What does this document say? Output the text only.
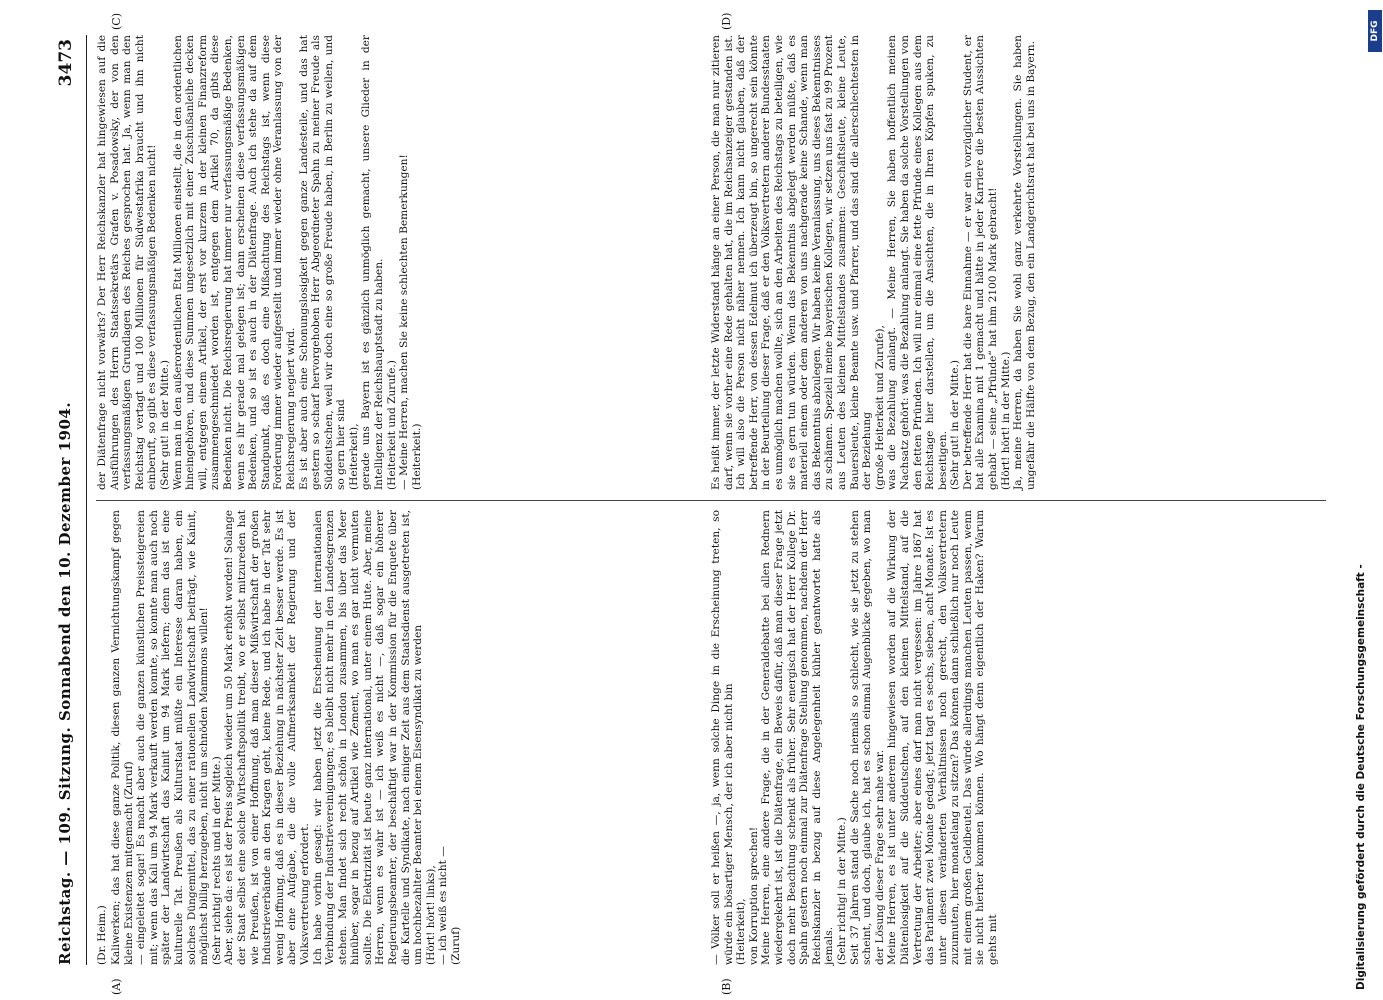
Reichstag. — 109. Sitzung. Sonnabend den 10. Dezember 1904.
3473
(Dr. Heim.) Kaliwerken; das hat diese ganze Politik, diesen ganzen Vernichtungskampf gegen kleine Existenzen mitgemacht (Zuruf)
— eingeleitet sogar! Es macht aber auch die ganzen künstlichen Preissteigereien mit; wenn das Kali um 94 Mark verkauft werden konnte, so konnte man auch noch später der Landwirtschaft das Kainit um 94 Mark liefern; denn das ist eine kulturelle Tat. Preußen als Kulturstaat müßte ein Interesse daran haben, ein solches Düngemittel, das zu einer rationellen Landwirtschaft beiträgt, wie Kainit, möglichst billig herzugeben, nicht um schnöden Mammons willen!
(Sehr richtig! rechts und in der Mitte.)
Aber, siehe da: es ist der Preis sogleich wieder um 50 Mark erhöht worden! Solange der Staat selbst eine solche Wirtschaftspolitik treibt, wo er selbst mitzureden hat wie Preußen, ist von einer Hoffnung, daß man dieser Mißwirtschaft der großen Industrieverbände an den Kragen geht, keine Rede, und ich habe in der Tat sehr wenig Hoffnung, daß es in dieser Beziehung in nächster Zeit besser werde. Es ist aber eine Aufgabe, die die volle Aufmerksamkeit der Regierung und der Volksvertretung erfordert.
Ich habe vorhin gesagt: wir haben jetzt die Erscheinung der internationalen Verbindung der Industrievereinigungen; es bleibt nicht mehr in den Landesgrenzen stehen. Man findet sich recht schön in London zusammen, bis über das Meer hinüber, sogar in bezug auf Artikel wie Zement, wo man es gar nicht vermuten sollte. Die Elektrizität ist heute ganz international, unter einem Hute. Aber, meine Herren, wenn es wahr ist — ich weiß es nicht —, daß sogar ein höherer Regierungsbeamter, der beschäftigt war in der Kommission für die Enquete über die Kartelle und Syndikate, nach einiger Zeit aus dem Staatsdienst ausgetreten ist, um hochbezahlter Beamter bei einem Eisensyndikat zu werden
(Hört! hört! links),
— ich weiß es nicht —
(Zuruf)

(A)

der Diätenfrage nicht vorwärts? Der Herr Reichskanzler hat hingewiesen auf die Ausführungen des Herrn Staatssekretärs Grafen v. Posadowsky, der von den verfassungsmäßigen Grundlagen des Reiches gesprochen hat. Ja, wenn man den Reichstag vertagt und 100 Millionen für Südwestafrika braucht und ihn nicht einberuft, so gibt es diese verfassungsmäßigen Bedenken nicht!
(Sehr gut! in der Mitte.)
Wenn man in den außerordentlichen Etat Millionen einstellt, die in den ordentlichen hineingehören, und diese Summen ungesetzlich mit einer Zuschußanleihe decken will, entgegen einem Artikel, der erst vor kurzem in der kleinen Finanzreform zusammengeschmiedet worden ist, entgegen dem Artikel 70, da gibts diese Bedenken nicht. Die Reichsregierung hat immer nur verfassungsmäßige Bedenken, wenn es ihr gerade mal gelegen ist; dann erscheinen diese verfassungsmäßigen Bedenken, und so ist es auch in der Diätenfrage. Auch ich stehe da auf dem Standpunkt, daß es doch eine Mißachtung des Reichstags ist, wenn diese Forderung immer wieder aufgestellt und immer wieder ohne Veranlassung von der Reichsregierung negiert wird.
Es ist aber auch eine Schonungslosigkeit gegen ganze Landesteile, und das hat gestern so scharf hervorgehoben Herr Abgeordneter Spahn zu meiner Freude als Süddeutschen, weil wir doch eine so große Freude haben, in Berlin zu weilen, und so gern hier sind
(Heiterkeit),
gerade uns Bayern ist es gänzlich unmöglich gemacht, unsere Glieder in der Intelligenz der Reichshauptstadt zu haben.
(Heiterkeit und Zurufe.)
— Meine Herren, machen Sie keine schlechten Bemerkungen!
(Heiterkeit.)

(C)

— Völker soll er heißen —, ja, wenn solche Dinge in die Erscheinung treten, so würde ein bösartiger Mensch, der ich aber nicht bin
(Heiterkeit),
von Korruption sprechen!
Meine Herren, eine andere Frage, die in der Generaldebatte bei allen Rednern wiedergekehrt ist, ist die Diätenfrage, ein Beweis dafür, daß man dieser Frage jetzt doch mehr Beachtung schenkt als früher. Sehr energisch hat der Herr Kollege Dr. Spahn gestern noch einmal zur Diätenfrage Stellung genommen, nachdem der Herr Reichskanzler in bezug auf diese Angelegenheit kühler geantwortet hatte als jemals.
(Sehr richtig! in der Mitte.)
Seit 37 Jahren stand die Sache noch niemals so schlecht, wie sie jetzt zu stehen scheint, und doch, glaube ich, hat es schon einmal Augenblicke gegeben, wo man der Lösung dieser Frage sehr nahe war.
Meine Herren, es ist unter anderem hingewiesen worden auf die Wirkung der Diätenlosigkeit auf die Süddeutschen, auf den kleinen Mittelstand, auf die Vertretung der Arbeiter; aber eines darf man nicht vergessen: im Jahre 1867 hat das Parlament zwei Monate gedagt; jetzt tagt es sechs, sieben, acht Monate. Ist es unter diesen veränderten Verhältnissen noch gerecht, den Volksvertretern zuzumuten, hier monatelang zu sitzen? Das können dann schließlich nur noch Leute mit einem großen Geldbeutel. Das würde allerdings manchen Leuten passen, wenn sie nicht hierher kommen können. Wo hängt denn eigentlich der Haken? Warum gehts mit

(B)

Es heißt immer, der letzte Widerstand hänge an einer Person, die man nur zitieren darf, wenn sie vorher eine Rede gehalten hat, die im Reichsanzeiger gestanden ist. Ich will also die Person nicht näher nennen. Ich kann nicht glauben, daß der betreffende Herr, von dessen Edelmut ich überzeugt bin, so ungerecht sein könnte in der Beurteilung dieser Frage, daß er den Volksvertretern anderer Bundesstaaten es unmöglich machen wollte, sich an den Arbeiten des Reichstags zu beteiligen, wie sie es gern tun würden. Wenn das Bekenntnis abgelegt werden müßte, daß es materiell einem oder dem anderen von uns nachgerade keine Schande, wenn man das Bekenntnis abzulegen. Wir haben keine Veranlassung, uns dieses Bekenntnisses zu schämen. Speziell meine bayerischen Kollegen, wir setzen uns fast zu 99 Prozent aus Leuten des kleinen Mittelstandes zusammen: Geschäftsleute, kleine Leute, Bauersleute, kleine Beamte usw. und Pfarrer, und das sind die allerschlechtesten in der Beziehung
(große Heiterkeit und Zurufe),
was die Bezahlung anlangt. — Meine Herren, Sie haben hoffentlich meinen Nachsatz gehört: was die Bezahlung anlangt. Sie haben da solche Vorstellungen von den fetten Pfründen. Ich will nur einmal eine fette Pfründe eines Kollegen aus dem Reichstage hier darstellen, um die Ansichten, die in Ihren Köpfen spuken, zu beseitigen.
(Sehr gut! in der Mitte.)
Der betreffende Herr hat die bare Einnahme — er war ein vorzüglicher Student, er hat alle Examina mit 1 gemacht und hätte in jeder Karriere die besten Aussichten gehabt — seine „Pfründe“ hat ihm 2100 Mark gebracht!
(Hört! hört! in der Mitte.)
Ja, meine Herren, da haben Sie wohl ganz verkehrte Vorstellungen. Sie haben ungefähr die Hälfte von dem Bezug, den ein Landgerichtsrat hat bei uns in Bayern.

(D)
Digitalisierung gefördert durch die Deutsche Forschungsgemeinschaft -
DFG
